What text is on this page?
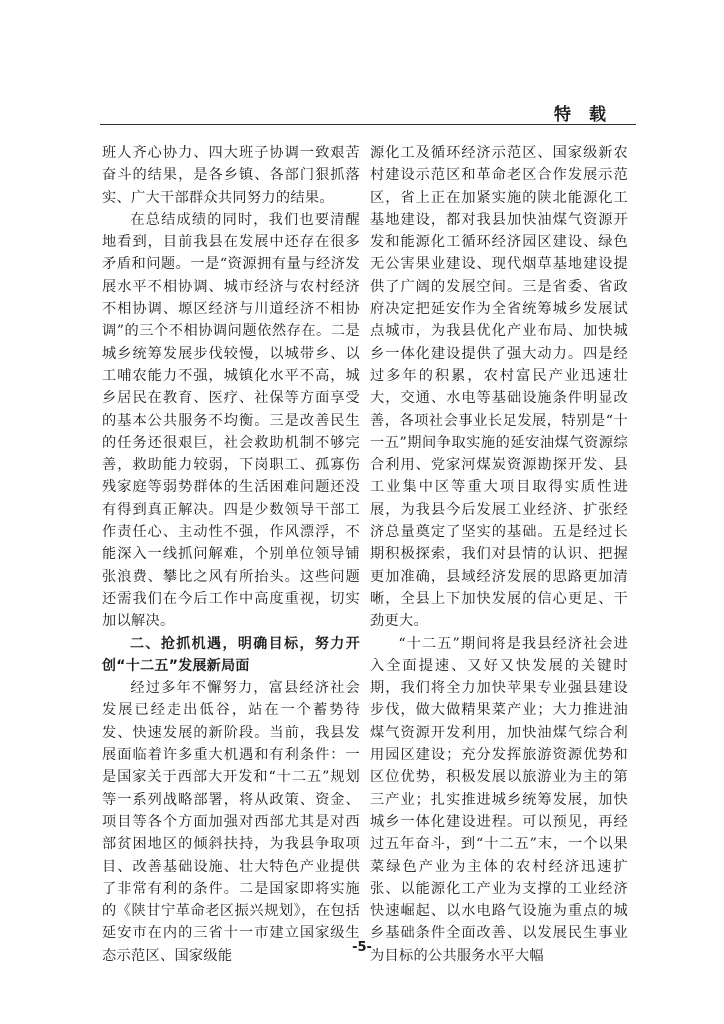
特载

班人齐心协力、四大班子协调一致艰苦奋斗的结果，是各乡镇、各部门狠抓落实、广大干部群众共同努力的结果。

在总结成绩的同时，我们也要清醒地看到，目前我县在发展中还存在很多矛盾和问题。一是“资源拥有量与经济发展水平不相协调、城市经济与农村经济不相协调、塬区经济与川道经济不相协调”的三个不相协调问题依然存在。二是城乡统筹发展步伐较慢，以城带乡、以工哺农能力不强，城镇化水平不高，城乡居民在教育、医疗、社保等方面享受的基本公共服务不均衡。三是改善民生的任务还很艰巨，社会救助机制不够完善，救助能力较弱，下岗职工、孤寡伤残家庭等弱势群体的生活困难问题还没有得到真正解决。四是少数领导干部工作责任心、主动性不强，作风漂浮，不能深入一线抓问解难，个别单位领导铺张浪费、攀比之风有所抬头。这些问题还需我们在今后工作中高度重视，切实加以解决。

二、抢抓机遇，明确目标，努力开创“十二五”发展新局面

经过多年不懈努力，富县经济社会发展已经走出低谷，站在一个蓄势待发、快速发展的新阶段。当前，我县发展面临着许多重大机遇和有利条件：一是国家关于西部大开发和“十二五”规划等一系列战略部署，将从政策、资金、项目等各个方面加强对西部尤其是对西部贫困地区的倾斜扶持，为我县争取项目、改善基础设施、壮大特色产业提供了非常有利的条件。二是国家即将实施的《陕甘宁革命老区振兴规划》，在包括延安市在内的三省十一市建立国家级生态示范区、国家级能

源化工及循环经济示范区、国家级新农村建设示范区和革命老区合作发展示范区，省上正在加紧实施的陕北能源化工基地建设，都对我县加快油煤气资源开发和能源化工循环经济园区建设、绿色无公害果业建设、现代烟草基地建设提供了广阔的发展空间。三是省委、省政府决定把延安作为全省统筹城乡发展试点城市，为我县优化产业布局、加快城乡一体化建设提供了强大动力。四是经过多年的积累，农村富民产业迅速壮大，交通、水电等基础设施条件明显改善，各项社会事业长足发展，特别是“十一五”期间争取实施的延安油煤气资源综合利用、党家河煤炭资源勘探开发、县工业集中区等重大项目取得实质性进展，为我县今后发展工业经济、扩张经济总量奠定了坚实的基础。五是经过长期积极探索，我们对县情的认识、把握更加准确，县域经济发展的思路更加清晰，全县上下加快发展的信心更足、干劲更大。

“十二五”期间将是我县经济社会进入全面提速、又好又快发展的关键时期，我们将全力加快苹果专业强县建设步伐，做大做精果菜产业；大力推进油煤气资源开发利用，加快油煤气综合利用园区建设；充分发挥旅游资源优势和区位优势，积极发展以旅游业为主的第三产业；扎实推进城乡统筹发展，加快城乡一体化建设进程。可以预见，再经过五年奋斗，到“十二五”末，一个以果菜绿色产业为主体的农村经济迅速扩张、以能源化工产业为支撑的工业经济快速崛起、以水电路气设施为重点的城乡基础条件全面改善、以发展民生事业为目标的公共服务水平大幅

-5-
